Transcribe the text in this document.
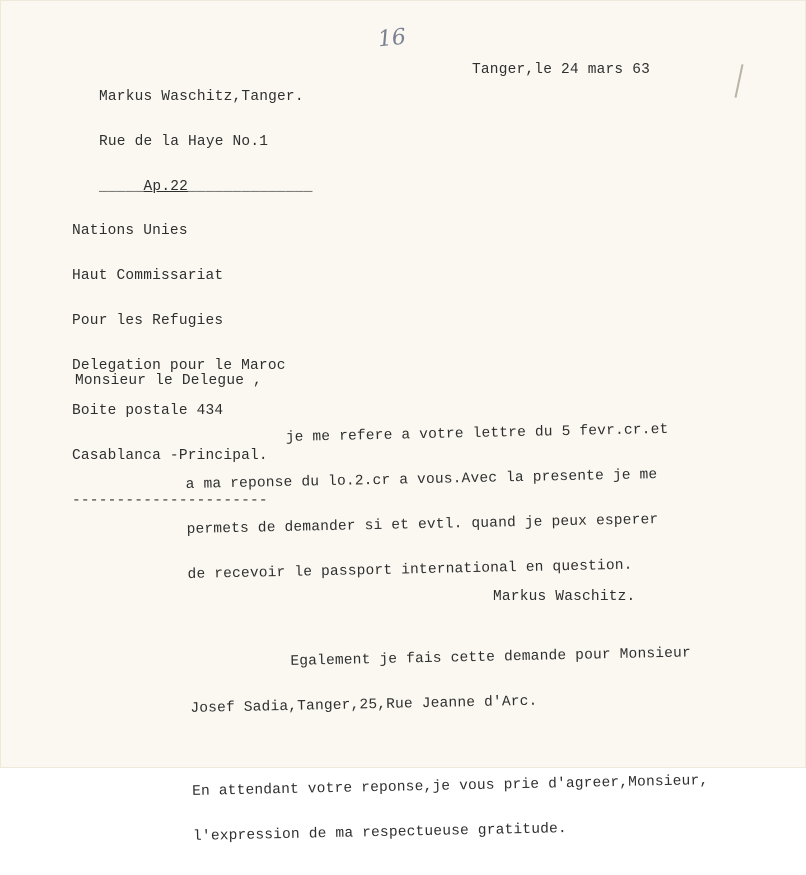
16

Markus Waschitz,Tanger.

Rue de la Haye No.1

_____Ap.22______________

Tanger,le 24 mars 63

Nations Unies

Haut Commissariat

Pour les Refugies

Delegation pour le Maroc

Boite postale 434

Casablanca -Principal.

----------------------

Monsieur le Delegue ,

je me refere a votre lettre du 5 fevr.cr.et

a ma reponse du lo.2.cr a vous.Avec la presente je me

permets de demander si et evtl. quand je peux esperer

de recevoir le passport international en question.

Egalement je fais cette demande pour Monsieur

Josef Sadia,Tanger,25,Rue Jeanne d'Arc.

En attendant votre reponse,je vous prie d'agreer,Monsieur,

l'expression de ma respectueuse gratitude.

Markus Waschitz.
